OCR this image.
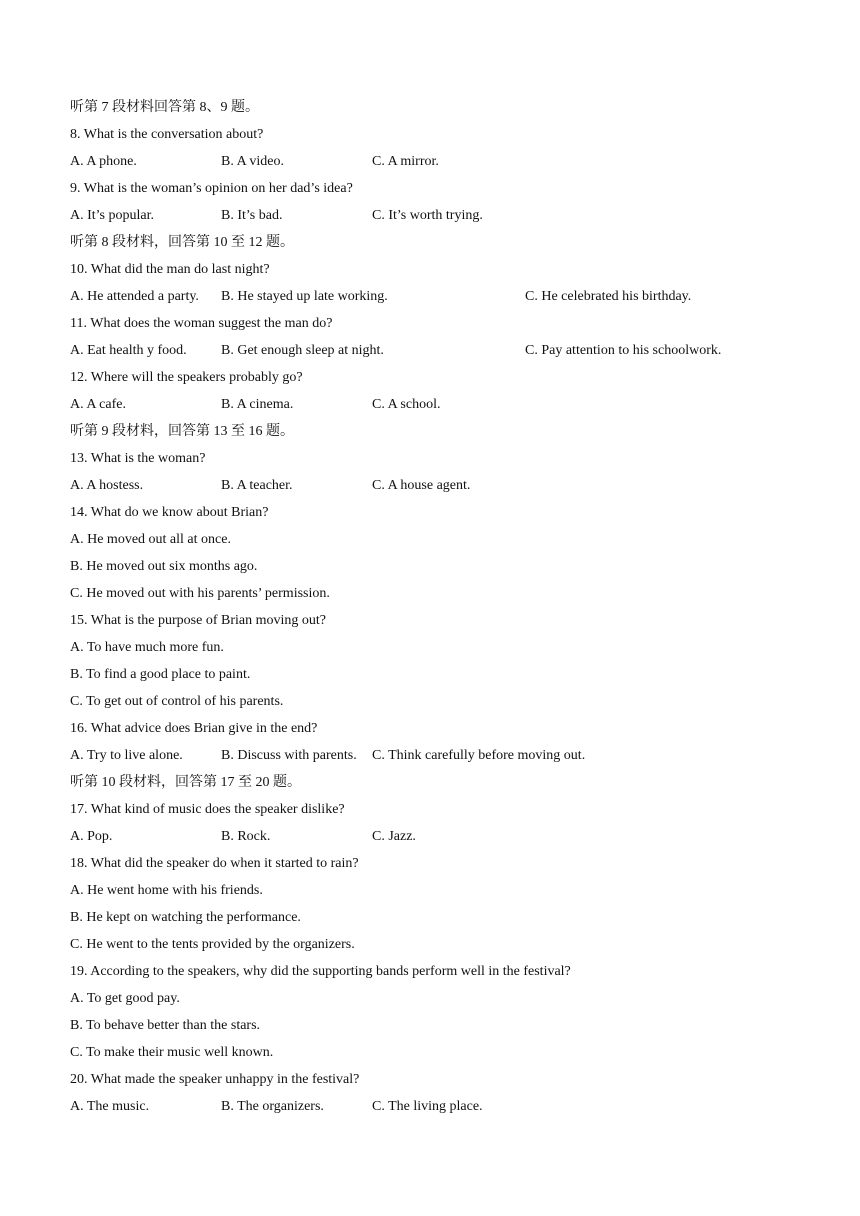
听第 7 段材料回答第 8、9 题。
8. What is the conversation about?
A. A phone.	B. A video.	C. A mirror.
9. What is the woman’s opinion on her dad’s idea?
A. It’s popular.	B. It’s bad.	C. It’s worth trying.
听第 8 段材料，回答第 10 至 12 题。
10. What did the man do last night?
A. He attended a party. B. He stayed up late working.	C. He celebrated his birthday.
11. What does the woman suggest the man do?
A. Eat health y food. B. Get enough sleep at night.	C. Pay attention to his schoolwork.
12. Where will the speakers probably go?
A. A cafe.	B. A cinema.	C. A school.
听第 9 段材料，回答第 13 至 16 题。
13. What is the woman?
A. A hostess.	B. A teacher.	C. A house agent.
14. What do we know about Brian?
A. He moved out all at once.
B. He moved out six months ago.
C. He moved out with his parents’ permission.
15. What is the purpose of Brian moving out?
A. To have much more fun.
B. To find a good place to paint.
C. To get out of control of his parents.
16. What advice does Brian give in the end?
A. Try to live alone.	B. Discuss with parents. C. Think carefully before moving out.
听第 10 段材料，回答第 17 至 20 题。
17. What kind of music does the speaker dislike?
A. Pop.	B. Rock.	C. Jazz.
18. What did the speaker do when it started to rain?
A. He went home with his friends.
B. He kept on watching the performance.
C. He went to the tents provided by the organizers.
19. According to the speakers, why did the supporting bands perform well in the festival?
A. To get good pay.
B. To behave better than the stars.
C. To make their music well known.
20. What made the speaker unhappy in the festival?
A. The music.	B. The organizers.	C. The living place.
